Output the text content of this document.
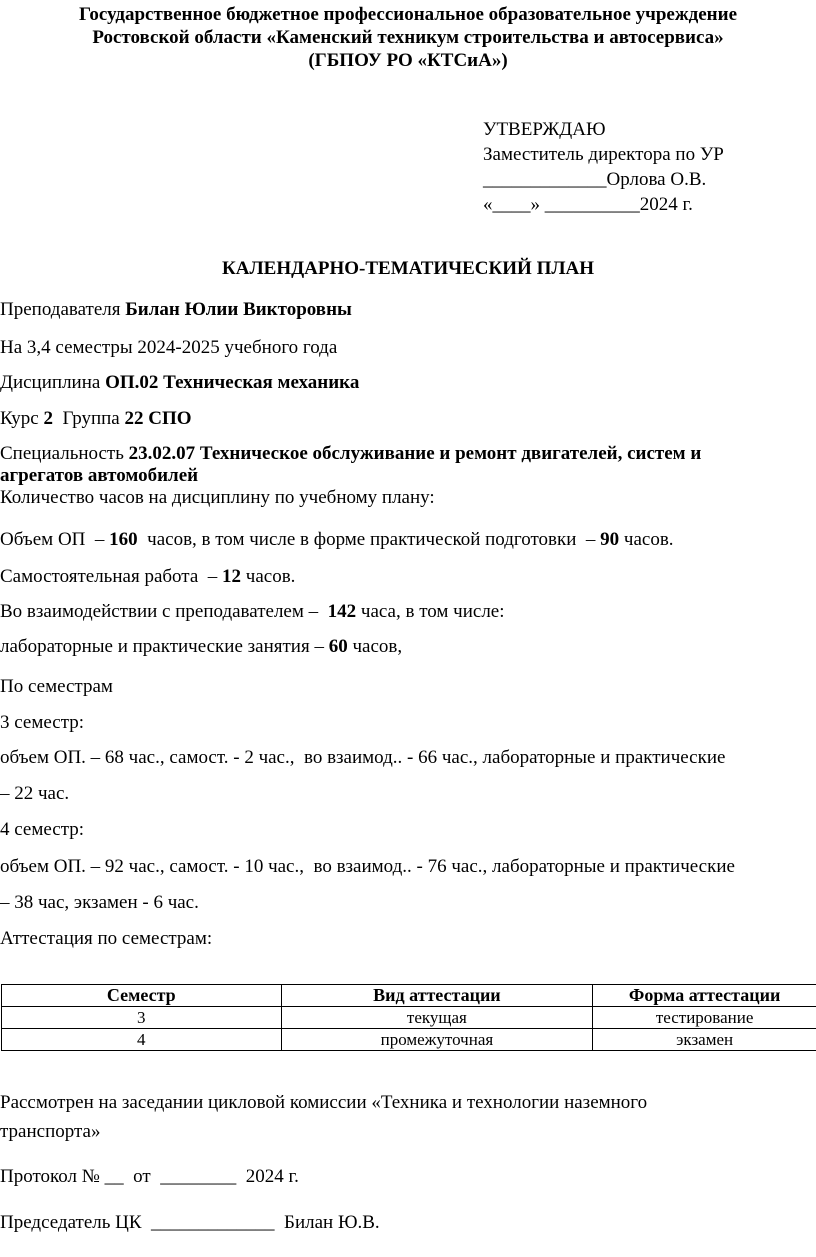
Государственное бюджетное профессиональное образовательное учреждение
Ростовской области «Каменский техникум строительства и автосервиса»
(ГБПОУ РО «КТСиА»)
УТВЕРЖДАЮ
Заместитель директора по УР
_____________Орлова О.В.
«____» __________2024 г.
КАЛЕНДАРНО-ТЕМАТИЧЕСКИЙ ПЛАН
Преподавателя Билан Юлии Викторовны
На 3,4 семестры 2024-2025 учебного года
Дисциплина ОП.02 Техническая механика
Курс 2  Группа 22 СПО
Специальность 23.02.07 Техническое обслуживание и ремонт двигателей, систем и
агрегатов автомобилей
Количество часов на дисциплину по учебному плану:
Объем ОП  – 160  часов, в том числе в форме практической подготовки  – 90 часов.
Самостоятельная работа  – 12 часов.
Во взаимодействии с преподавателем –  142 часа, в том числе:
лабораторные и практические занятия – 60 часов,
По семестрам
3 семестр:
объем ОП. – 68 час., самост. - 2 час.,  во взаимод.. - 66 час., лабораторные и практические
– 22 час.
4 семестр:
объем ОП. – 92 час., самост. - 10 час.,  во взаимод.. - 76 час., лабораторные и практические
– 38 час, экзамен - 6 час.
Аттестация по семестрам:
Семестр	Вид аттестации	Форма аттестации
3	текущая	тестирование
4	промежуточная	экзамен
Рассмотрен на заседании цикловой комиссии «Техника и технологии наземного
транспорта»
Протокол № __  от  ________  2024 г.
Председатель ЦК  _____________  Билан Ю.В.
